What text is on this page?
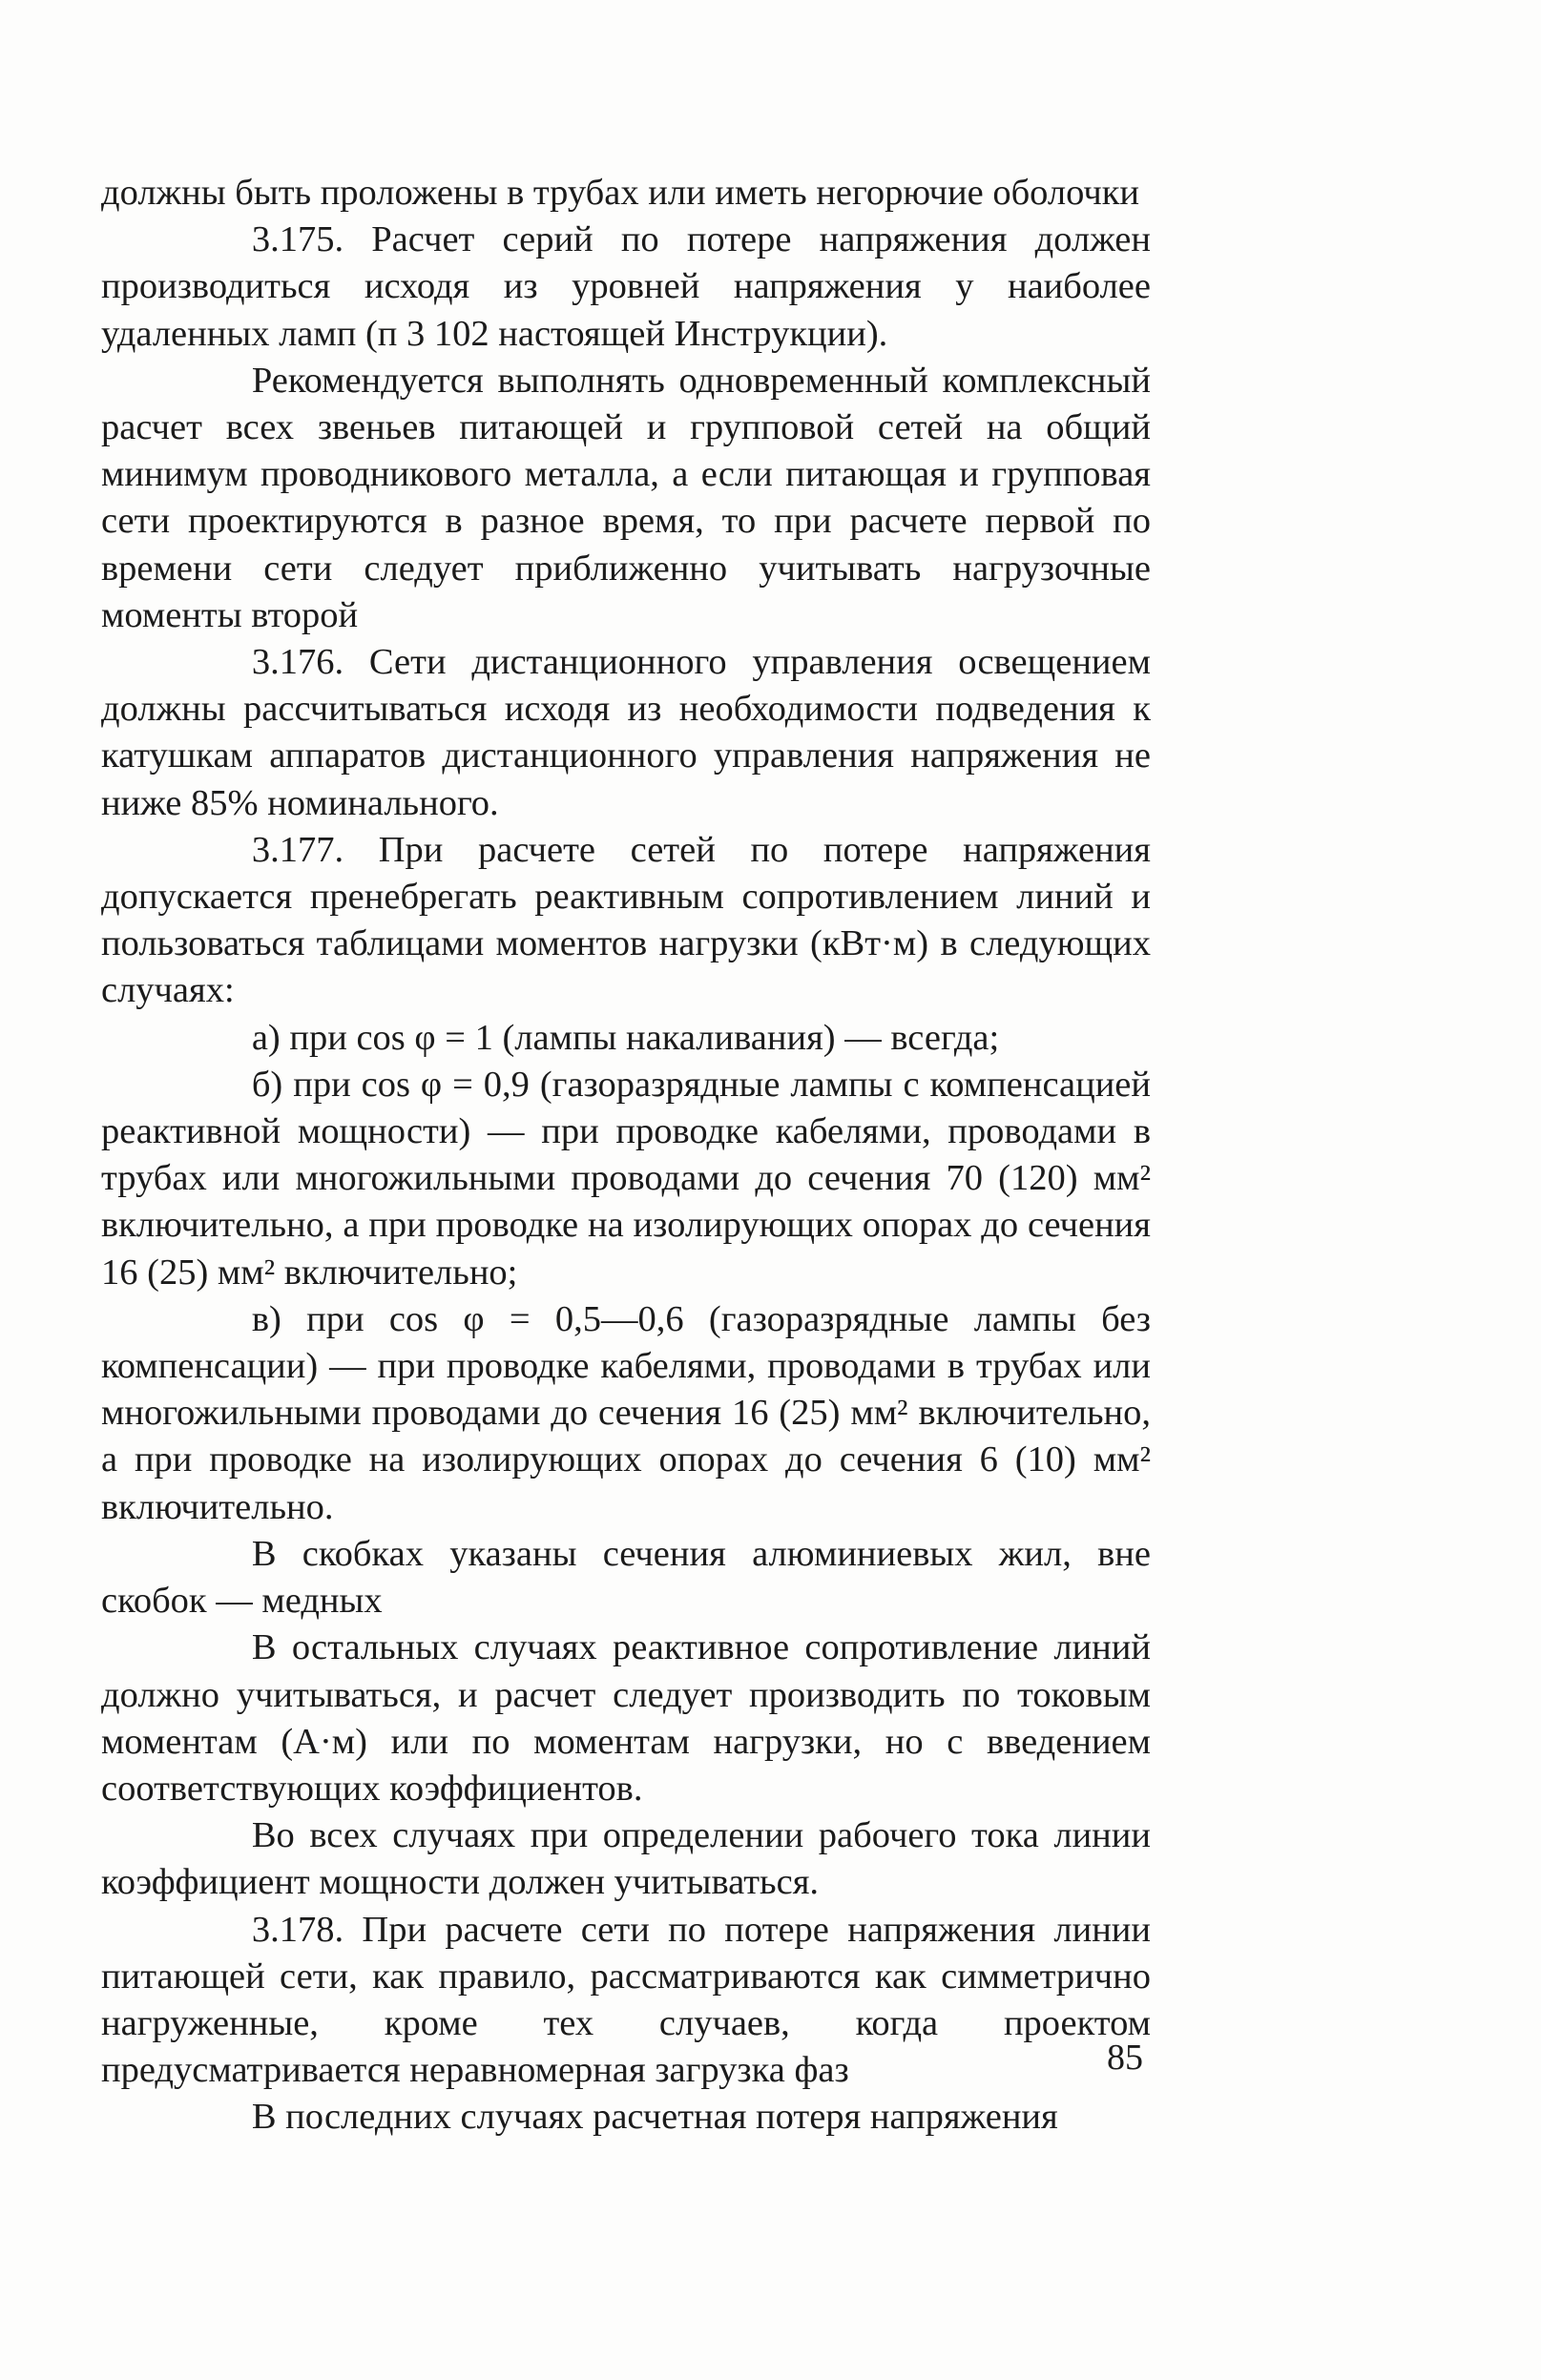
должны быть проложены в трубах или иметь негорючие оболочки

3.175. Расчет серий по потере напряжения должен производиться исходя из уровней напряжения у наиболее удаленных ламп (п 3 102 настоящей Инструкции).

Рекомендуется выполнять одновременный комплексный расчет всех звеньев питающей и групповой сетей на общий минимум проводникового металла, а если питающая и групповая сети проектируются в разное время, то при расчете первой по времени сети следует приближенно учитывать нагрузочные моменты второй

3.176. Сети дистанционного управления освещением должны рассчитываться исходя из необходимости подведения к катушкам аппаратов дистанционного управления напряжения не ниже 85% номинального.

3.177. При расчете сетей по потере напряжения допускается пренебрегать реактивным сопротивлением линий и пользоваться таблицами моментов нагрузки (кВт·м) в следующих случаях:

а) при cos φ = 1 (лампы накаливания) — всегда;

б) при cos φ = 0,9 (газоразрядные лампы с компенсацией реактивной мощности) — при проводке кабелями, проводами в трубах или многожильными проводами до сечения 70 (120) мм² включительно, а при проводке на изолирующих опорах до сечения 16 (25) мм² включительно;

в) при cos φ = 0,5—0,6 (газоразрядные лампы без компенсации) — при проводке кабелями, проводами в трубах или многожильными проводами до сечения 16 (25) мм² включительно, а при проводке на изолирующих опорах до сечения 6 (10) мм² включительно.

В скобках указаны сечения алюминиевых жил, вне скобок — медных

В остальных случаях реактивное сопротивление линий должно учитываться, и расчет следует производить по токовым моментам (А·м) или по моментам нагрузки, но с введением соответствующих коэффициентов.

Во всех случаях при определении рабочего тока линии коэффициент мощности должен учитываться.

3.178. При расчете сети по потере напряжения линии питающей сети, как правило, рассматриваются как симметрично нагруженные, кроме тех случаев, когда проектом предусматривается неравномерная загрузка фаз

В последних случаях расчетная потеря напряжения

85
